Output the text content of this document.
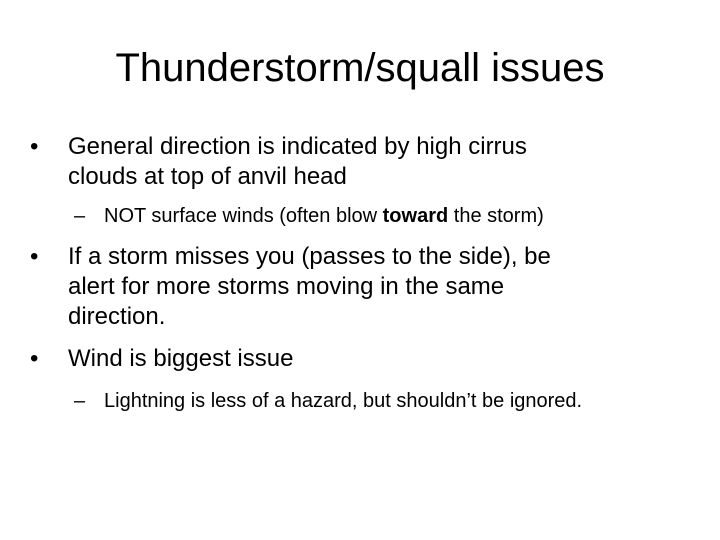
Thunderstorm/squall issues
•	General direction is indicated by high cirrus
clouds at top of anvil head
– NOT surface winds (often blow toward the storm)
•	If a storm misses you (passes to the side), be
alert for more storms moving in the same
direction.
•	Wind is biggest issue
– Lightning is less of a hazard, but shouldn’t be ignored.
